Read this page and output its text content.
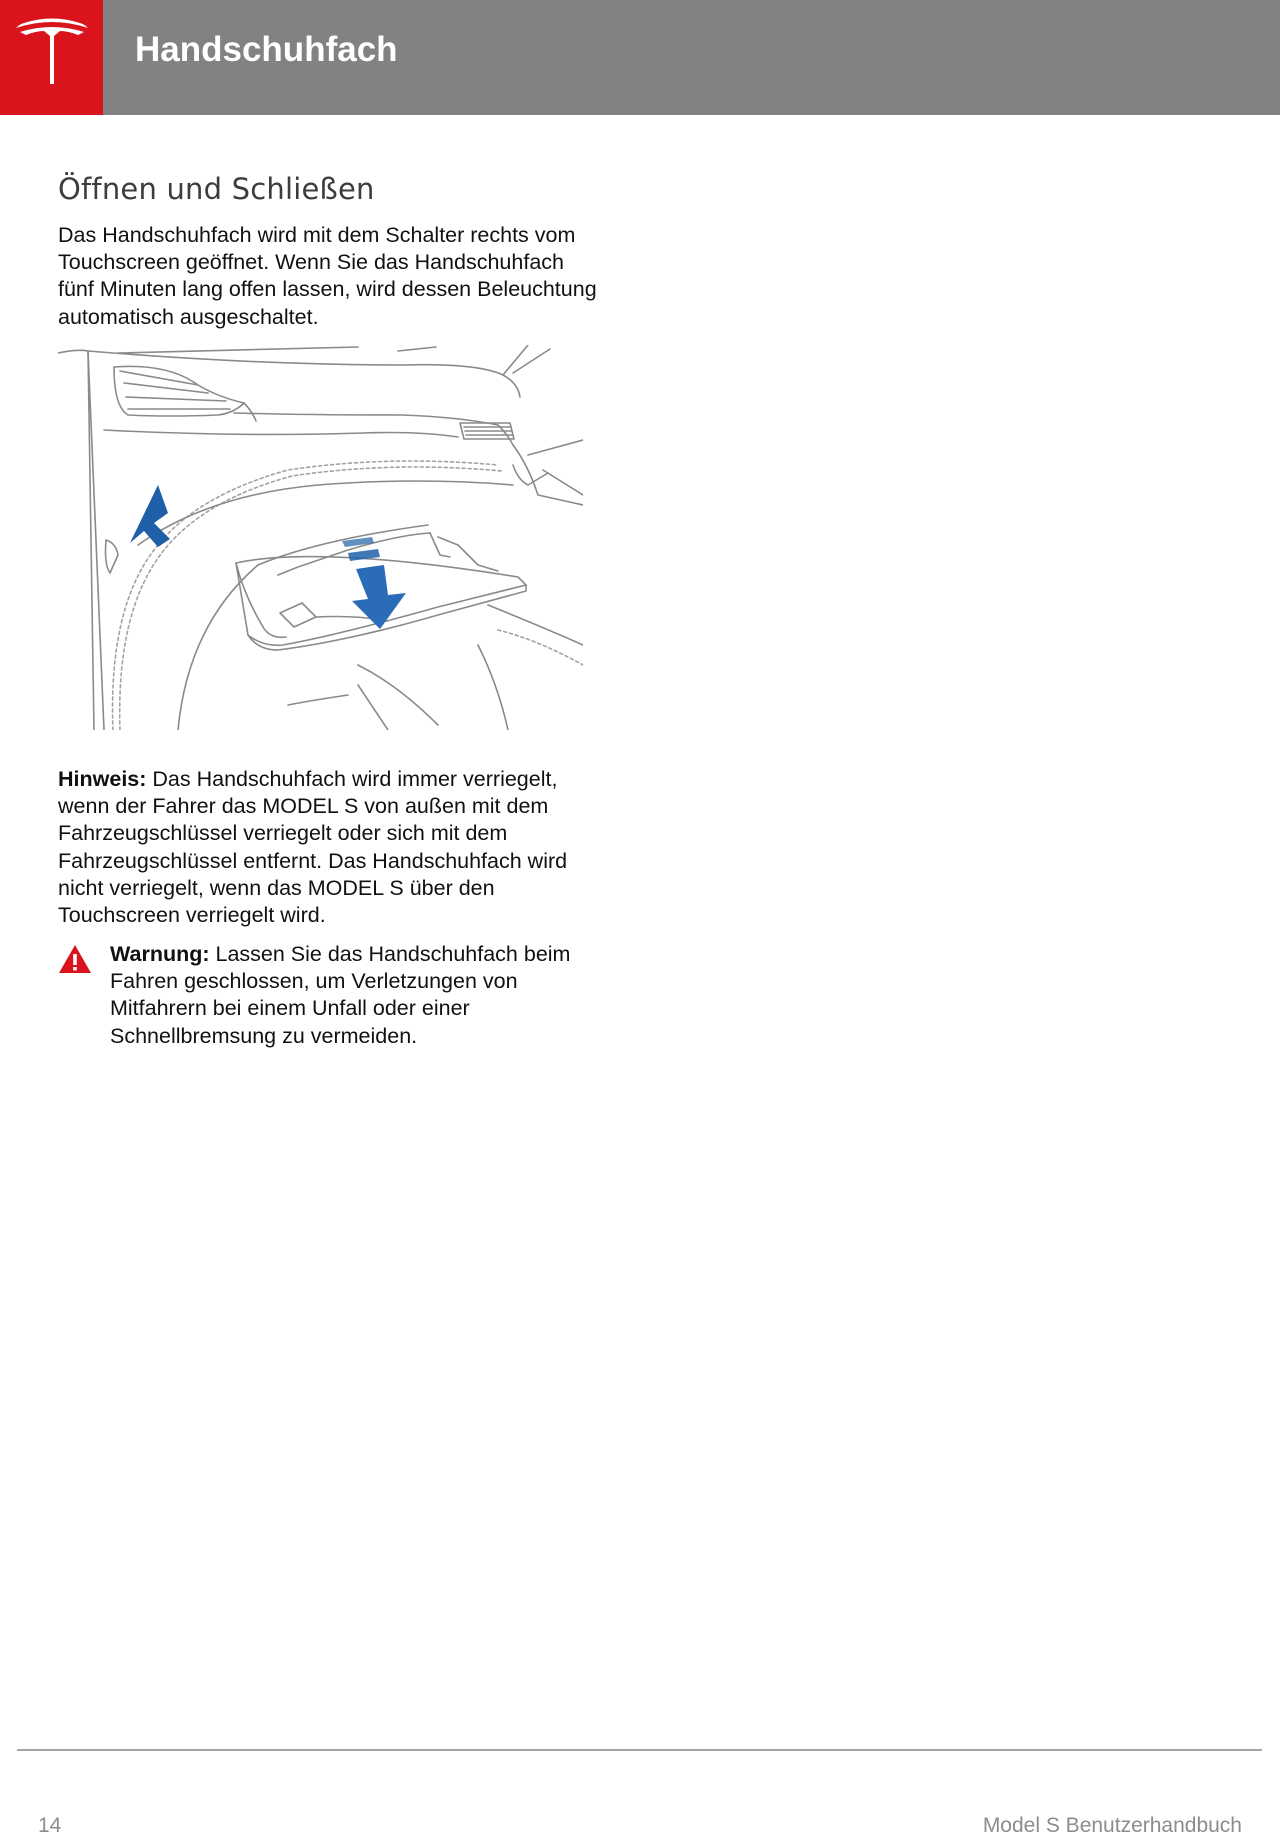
Handschuhfach
Öffnen und Schließen

Das Handschuhfach wird mit dem Schalter rechts vom Touchscreen geöffnet. Wenn Sie das Handschuhfach fünf Minuten lang offen lassen, wird dessen Beleuchtung automatisch ausgeschaltet.

Hinweis: Das Handschuhfach wird immer verriegelt, wenn der Fahrer das MODEL S von außen mit dem Fahrzeugschlüssel verriegelt oder sich mit dem Fahrzeugschlüssel entfernt. Das Handschuhfach wird nicht verriegelt, wenn das MODEL S über den Touchscreen verriegelt wird.

Warnung: Lassen Sie das Handschuhfach beim Fahren geschlossen, um Verletzungen von Mitfahrern bei einem Unfall oder einer Schnellbremsung zu vermeiden.

14	Model S Benutzerhandbuch
